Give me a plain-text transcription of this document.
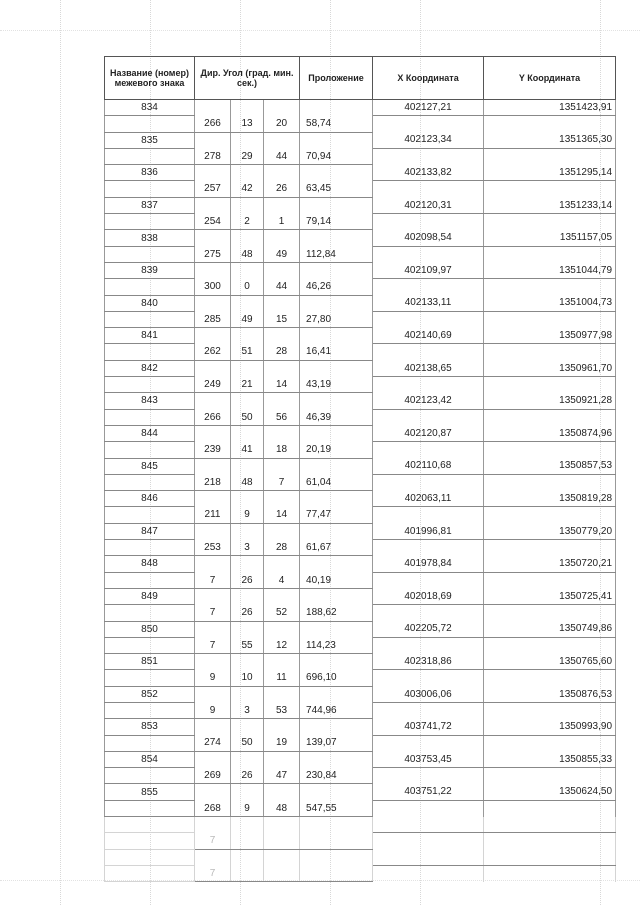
Название (номер) межевого знака	Дир. Угол (град. мин. сек.)			Проложение	X Координата	Y Координата
834					402127,21	1351423,91
	266	13	20	58,74		
835					402123,34	1351365,30
	278	29	44	70,94		
836					402133,82	1351295,14
	257	42	26	63,45		
837					402120,31	1351233,14
	254	2	1	79,14		
838					402098,54	1351157,05
	275	48	49	112,84		
839					402109,97	1351044,79
	300	0	44	46,26		
840					402133,11	1351004,73
	285	49	15	27,80		
841					402140,69	1350977,98
	262	51	28	16,41		
842					402138,65	1350961,70
	249	21	14	43,19		
843					402123,42	1350921,28
	266	50	56	46,39		
844					402120,87	1350874,96
	239	41	18	20,19		
845					402110,68	1350857,53
	218	48	7	61,04		
846					402063,11	1350819,28
	211	9	14	77,47		
847					401996,81	1350779,20
	253	3	28	61,67		
848					401978,84	1350720,21
	7	26	4	40,19		
849					402018,69	1350725,41
	7	26	52	188,62		
850					402205,72	1350749,86
	7	55	12	114,23		
851					402318,86	1350765,60
	9	10	11	696,10		
852					403006,06	1350876,53
	9	3	53	744,96		
853					403741,72	1350993,90
	274	50	19	139,07		
854					403753,45	1350855,33
	269	26	47	230,84		
855					403751,22	1350624,50
	268	9	48	547,55		

	7					

	7					
